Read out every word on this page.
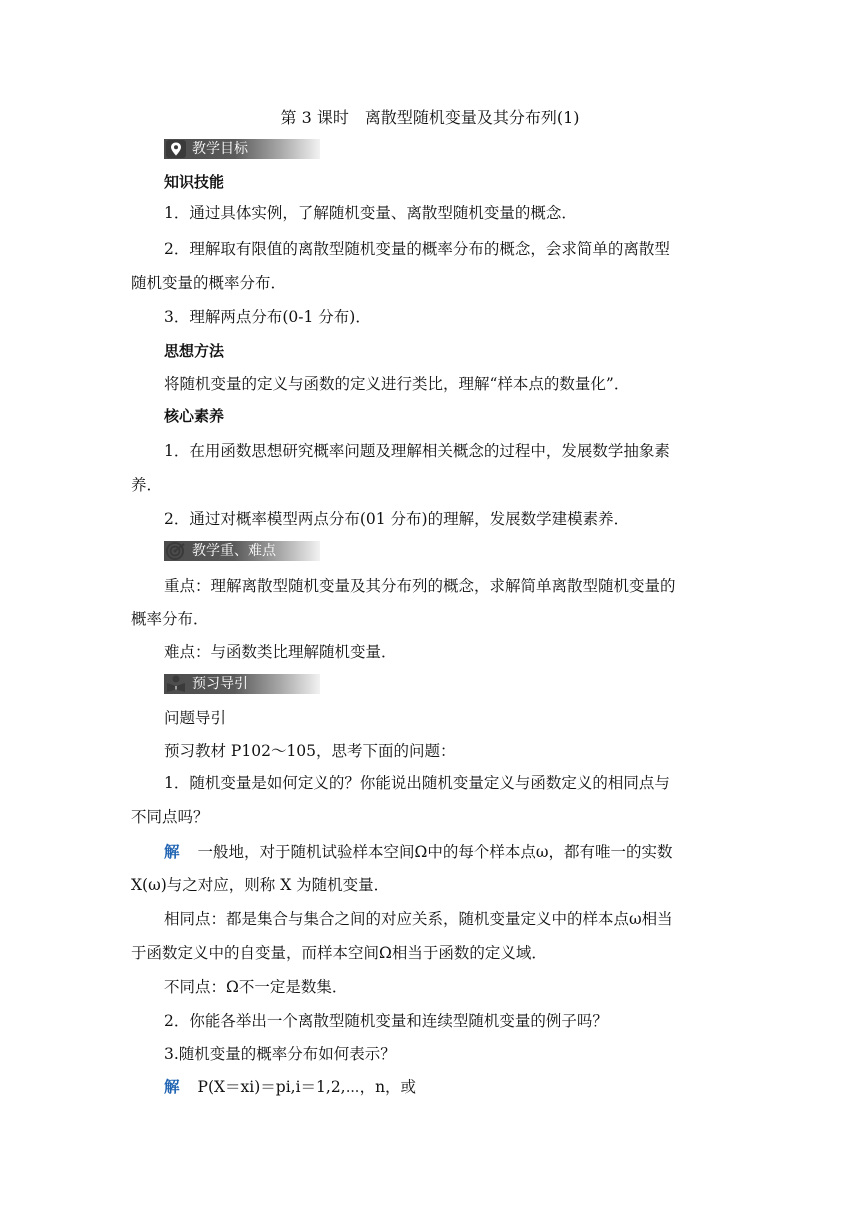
第 3 课时 离散型随机变量及其分布列(1)
教学目标
知识技能
1．通过具体实例，了解随机变量、离散型随机变量的概念．
2．理解取有限值的离散型随机变量的概率分布的概念，会求简单的离散型
随机变量的概率分布．
3．理解两点分布(0-1 分布)．
思想方法
将随机变量的定义与函数的定义进行类比，理解“样本点的数量化”．
核心素养
1．在用函数思想研究概率问题及理解相关概念的过程中，发展数学抽象素
养．
2．通过对概率模型两点分布(01 分布)的理解，发展数学建模素养．
教学重、难点
重点：理解离散型随机变量及其分布列的概念，求解简单离散型随机变量的
概率分布．
难点：与函数类比理解随机变量．
预习导引
问题导引
预习教材 P102～105，思考下面的问题：
1．随机变量是如何定义的？你能说出随机变量定义与函数定义的相同点与
不同点吗？
解 一般地，对于随机试验样本空间Ω中的每个样本点ω，都有唯一的实数
X(ω)与之对应，则称 X 为随机变量．
相同点：都是集合与集合之间的对应关系，随机变量定义中的样本点ω相当
于函数定义中的自变量，而样本空间Ω相当于函数的定义域．
不同点：Ω不一定是数集．
2．你能各举出一个离散型随机变量和连续型随机变量的例子吗？
3.随机变量的概率分布如何表示？
解 P(X＝xi)＝pi,i＝1,2,⋯，n，或
